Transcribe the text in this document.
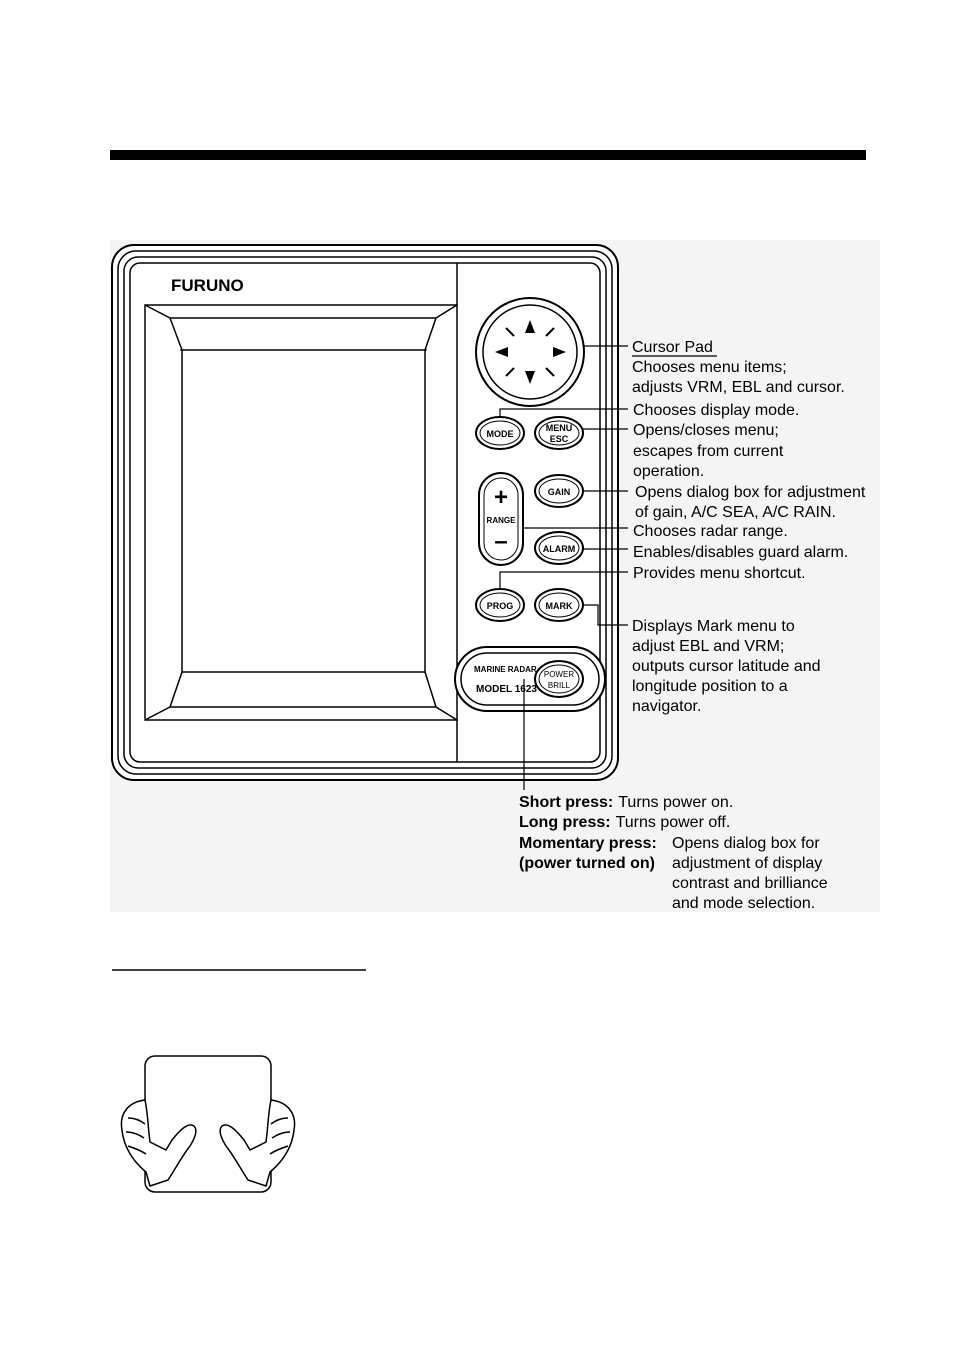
FURUNO
MODE
MENU
ESC
+
RANGE
–
GAIN
ALARM
PROG	MARK
MARINE RADAR
MODEL 1623
POWER
BRILL
Cursor Pad
Chooses menu items;
adjusts VRM, EBL and cursor.
Chooses display mode.
Opens/closes menu;
escapes from current
operation.
Opens dialog box for adjustment
of gain, A/C SEA, A/C RAIN.
Chooses radar range.
Enables/disables guard alarm.
Provides menu shortcut.
Displays Mark menu to
adjust EBL and VRM;
outputs cursor latitude and
longitude position to a
navigator.
Short press: Turns power on.
Long press: Turns power off.
Momentary press:
(power turned on)
Opens dialog box for
adjustment of display
contrast and brilliance
and mode selection.
